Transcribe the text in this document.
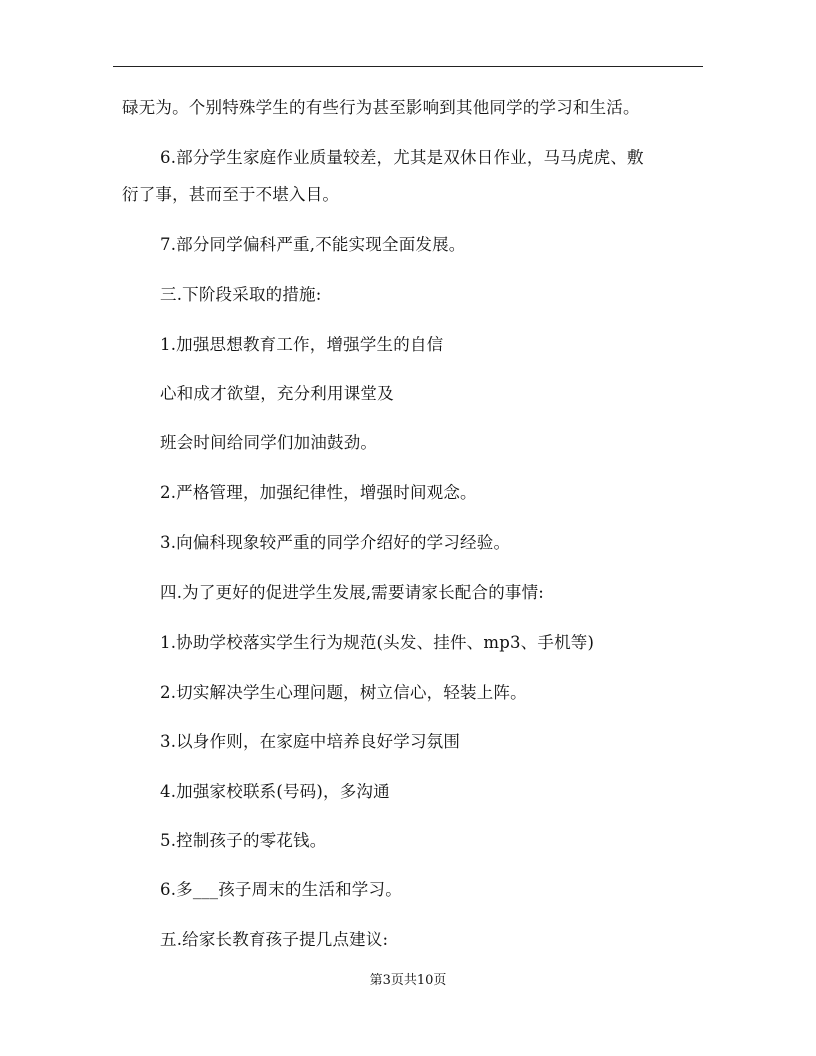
碌无为。个别特殊学生的有些行为甚至影响到其他同学的学习和生活。
6.部分学生家庭作业质量较差，尤其是双休日作业，马马虎虎、敷
衍了事，甚而至于不堪入目。
7.部分同学偏科严重,不能实现全面发展。
三.下阶段采取的措施:
1.加强思想教育工作，增强学生的自信
心和成才欲望，充分利用课堂及
班会时间给同学们加油鼓劲。
2.严格管理，加强纪律性，增强时间观念。
3.向偏科现象较严重的同学介绍好的学习经验。
四.为了更好的促进学生发展,需要请家长配合的事情:
1.协助学校落实学生行为规范(头发、挂件、mp3、手机等)
2.切实解决学生心理问题，树立信心，轻装上阵。
3.以身作则，在家庭中培养良好学习氛围
4.加强家校联系(号码)，多沟通
5.控制孩子的零花钱。
6.多___孩子周末的生活和学习。
五.给家长教育孩子提几点建议:
第3页共10页
